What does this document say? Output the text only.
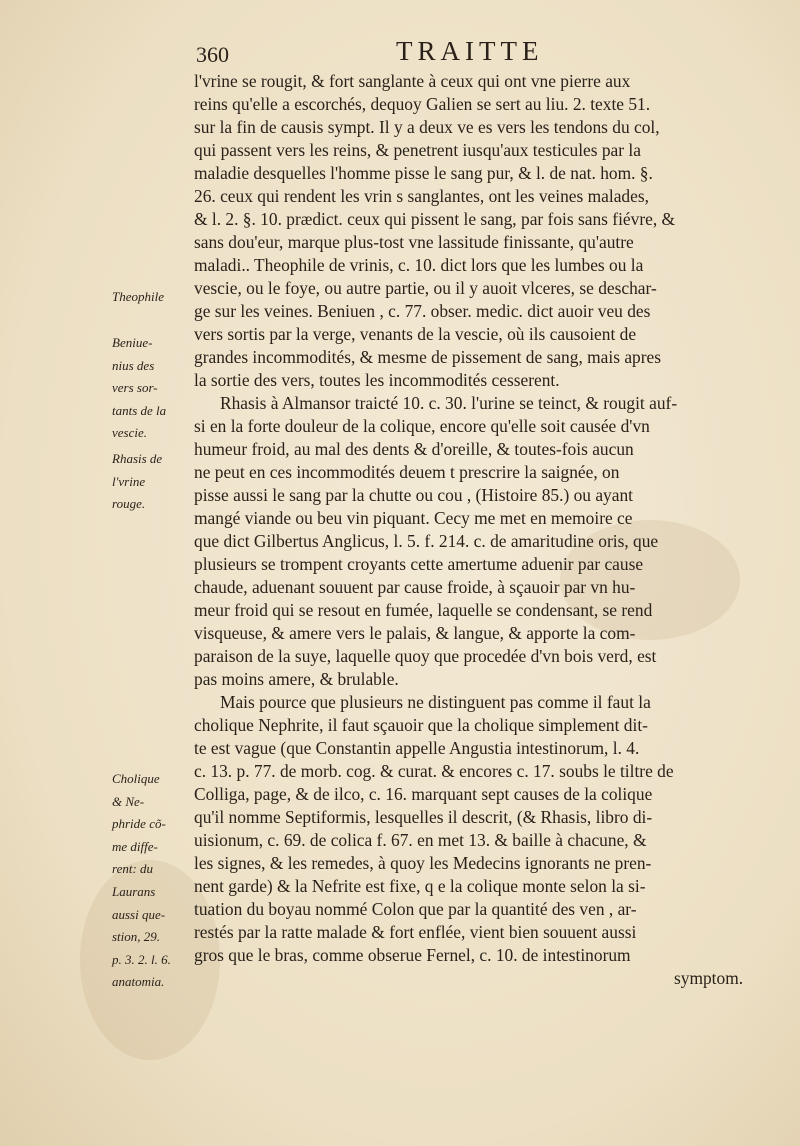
360	TRAITTE
l'vrine se rougit, & fort sanglante à ceux qui ont vne pierre aux
reins qu'elle a escorchés, dequoy Galien se sert au liu. 2. texte 51.
sur la fin de causis sympt. Il y a deux ve es vers les tendons du col,
qui passent vers les reins, & penetrent iusqu'aux testicules par la
maladie desquelles l'homme pisse le sang pur, & l. de nat. hom. §.
26. ceux qui rendent les vrin s sanglantes, ont les veines malades,
& l. 2. §. 10. prædict. ceux qui pissent le sang, par fois sans fiévre, &
sans dou'eur, marque plus-tost vne lassitude finissante, qu'autre
maladi.. Theophile de vrinis, c. 10. dict lors que les lumbes ou la
vescie, ou le foye, ou autre partie, ou il y auoit vlceres, se deschar-
ge sur les veines. Beniuen , c. 77. obser. medic. dict auoir veu des
vers sortis par la verge, venants de la vescie, où ils causoient de
grandes incommodités, & mesme de pissement de sang, mais apres
la sortie des vers, toutes les incommodités cesserent.
Rhasis à Almansor traicté 10. c. 30. l'urine se teinct, & rougit auf-
si en la forte douleur de la colique, encore qu'elle soit causée d'vn
humeur froid, au mal des dents & d'oreille, & toutes-fois aucun
ne peut en ces incommodités deuem t prescrire la saignée, on
pisse aussi le sang par la chutte ou cou , (Histoire 85.) ou ayant
mangé viande ou beu vin piquant. Cecy me met en memoire ce
que dict Gilbertus Anglicus, l. 5. f. 214. c. de amaritudine oris, que
plusieurs se trompent croyants cette amertume aduenir par cause
chaude, aduenant souuent par cause froide, à sçauoir par vn hu-
meur froid qui se resout en fumée, laquelle se condensant, se rend
visqueuse, & amere vers le palais, & langue, & apporte la com-
paraison de la suye, laquelle quoy que procedée d'vn bois verd, est
pas moins amere, & brulable.
Mais pource que plusieurs ne distinguent pas comme il faut la
cholique Nephrite, il faut sçauoir que la cholique simplement dit-
te est vague (que Constantin appelle Angustia intestinorum, l. 4.
c. 13. p. 77. de morb. cog. & curat. & encores c. 17. soubs le tiltre de
Colliga, page, & de ilco, c. 16. marquant sept causes de la colique
qu'il nomme Septiformis, lesquelles il descrit, (& Rhasis, libro di-
uisionum, c. 69. de colica f. 67. en met 13. & baille à chacune, &
les signes, & les remedes, à quoy les Medecins ignorants ne pren-
nent garde) & la Nefrite est fixe, q e la colique monte selon la si-
tuation du boyau nommé Colon que par la quantité des ven , ar-
restés par la ratte malade & fort enflée, vient bien souuent aussi
gros que le bras, comme obserue Fernel, c. 10. de intestinorum
symptom.
Theophile
Beniue-
nius des
vers sor-
tants de la
vescie.
Rhasis de
l'vrine
rouge.
Cholique
& Ne-
phride cõ-
me diffe-
rent: du
Laurans
aussi que-
stion, 29.
p. 3. 2. l. 6.
anatomia.
